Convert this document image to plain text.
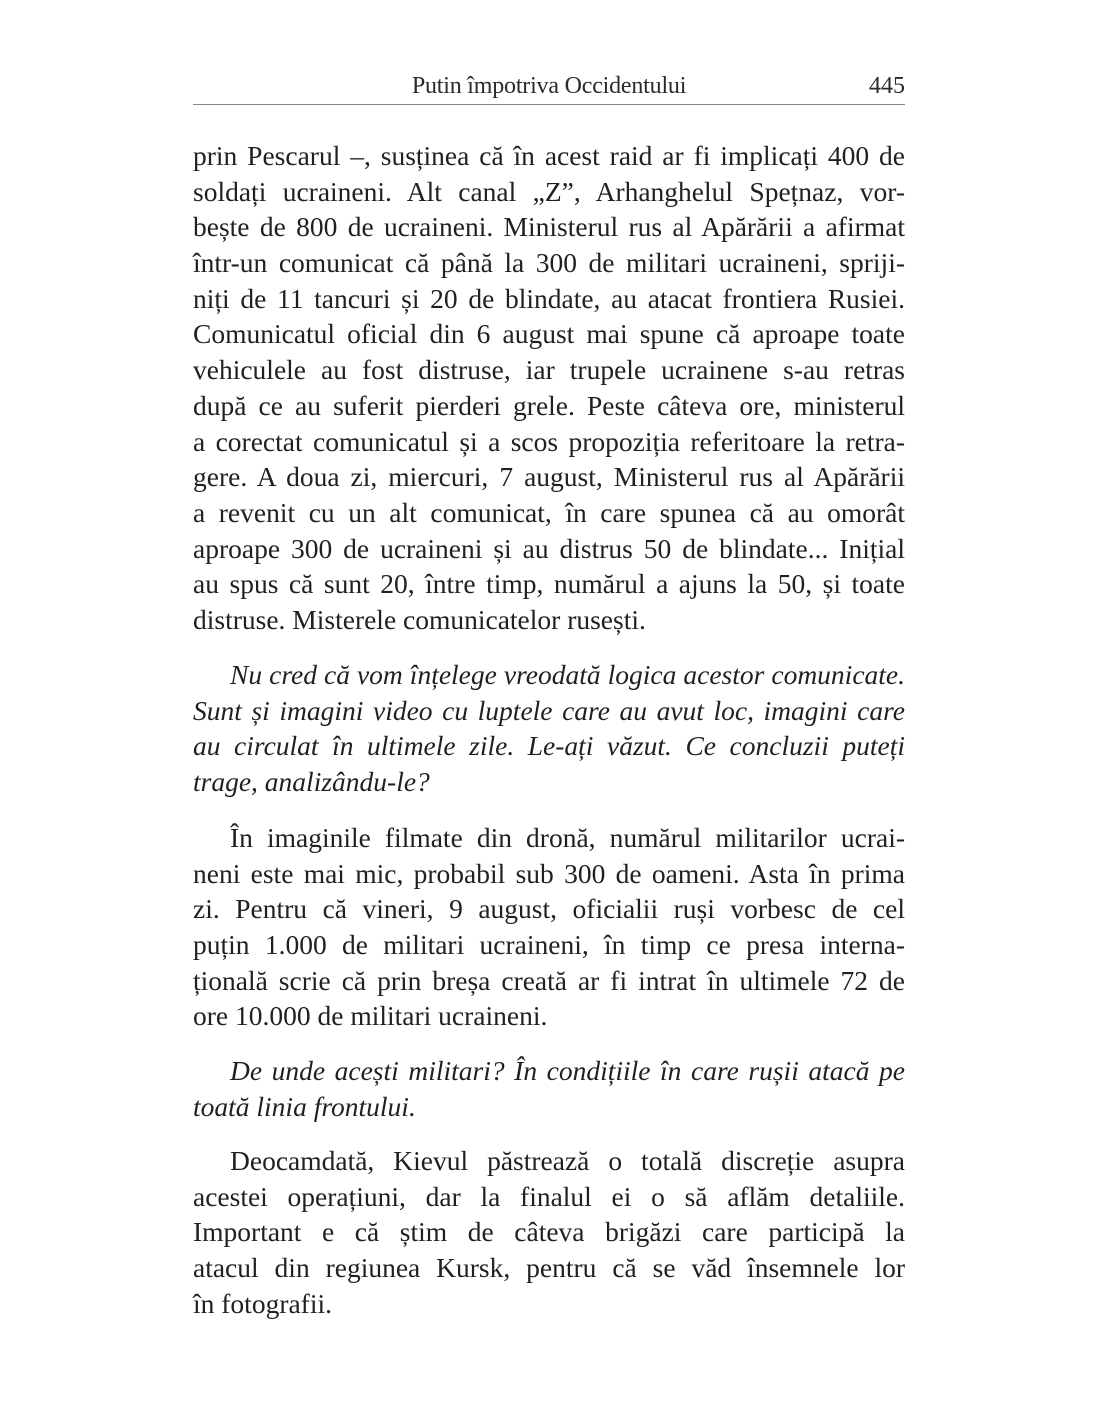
Putin împotriva Occidentului	445
prin Pescarul –, susținea că în acest raid ar fi implicați 400 de
soldați ucraineni. Alt canal „Z”, Arhanghelul Spețnaz, vor-
bește de 800 de ucraineni. Ministerul rus al Apărării a afirmat
într-un comunicat că până la 300 de militari ucraineni, spriji-
niți de 11 tancuri și 20 de blindate, au atacat frontiera Rusiei.
Comunicatul oficial din 6 august mai spune că aproape toate
vehiculele au fost distruse, iar trupele ucrainene s-au retras
după ce au suferit pierderi grele. Peste câteva ore, ministerul
a corectat comunicatul și a scos propoziția referitoare la retra-
gere. A doua zi, miercuri, 7 august, Ministerul rus al Apărării
a revenit cu un alt comunicat, în care spunea că au omorât
aproape 300 de ucraineni și au distrus 50 de blindate... Inițial
au spus că sunt 20, între timp, numărul a ajuns la 50, și toate
distruse. Misterele comunicatelor rusești.
Nu cred că vom înțelege vreodată logica acestor comunicate.
Sunt și imagini video cu luptele care au avut loc, imagini care
au circulat în ultimele zile. Le-ați văzut. Ce concluzii puteți
trage, analizându-le?
În imaginile filmate din dronă, numărul militarilor ucrai-
neni este mai mic, probabil sub 300 de oameni. Asta în prima
zi. Pentru că vineri, 9 august, oficialii ruși vorbesc de cel
puțin 1.000 de militari ucraineni, în timp ce presa interna-
țională scrie că prin breșa creată ar fi intrat în ultimele 72 de
ore 10.000 de militari ucraineni.
De unde acești militari? În condițiile în care rușii atacă pe
toată linia frontului.
Deocamdată, Kievul păstrează o totală discreție asupra
acestei operațiuni, dar la finalul ei o să aflăm detaliile.
Important e că știm de câteva brigăzi care participă la
atacul din regiunea Kursk, pentru că se văd însemnele lor
în fotografii.
